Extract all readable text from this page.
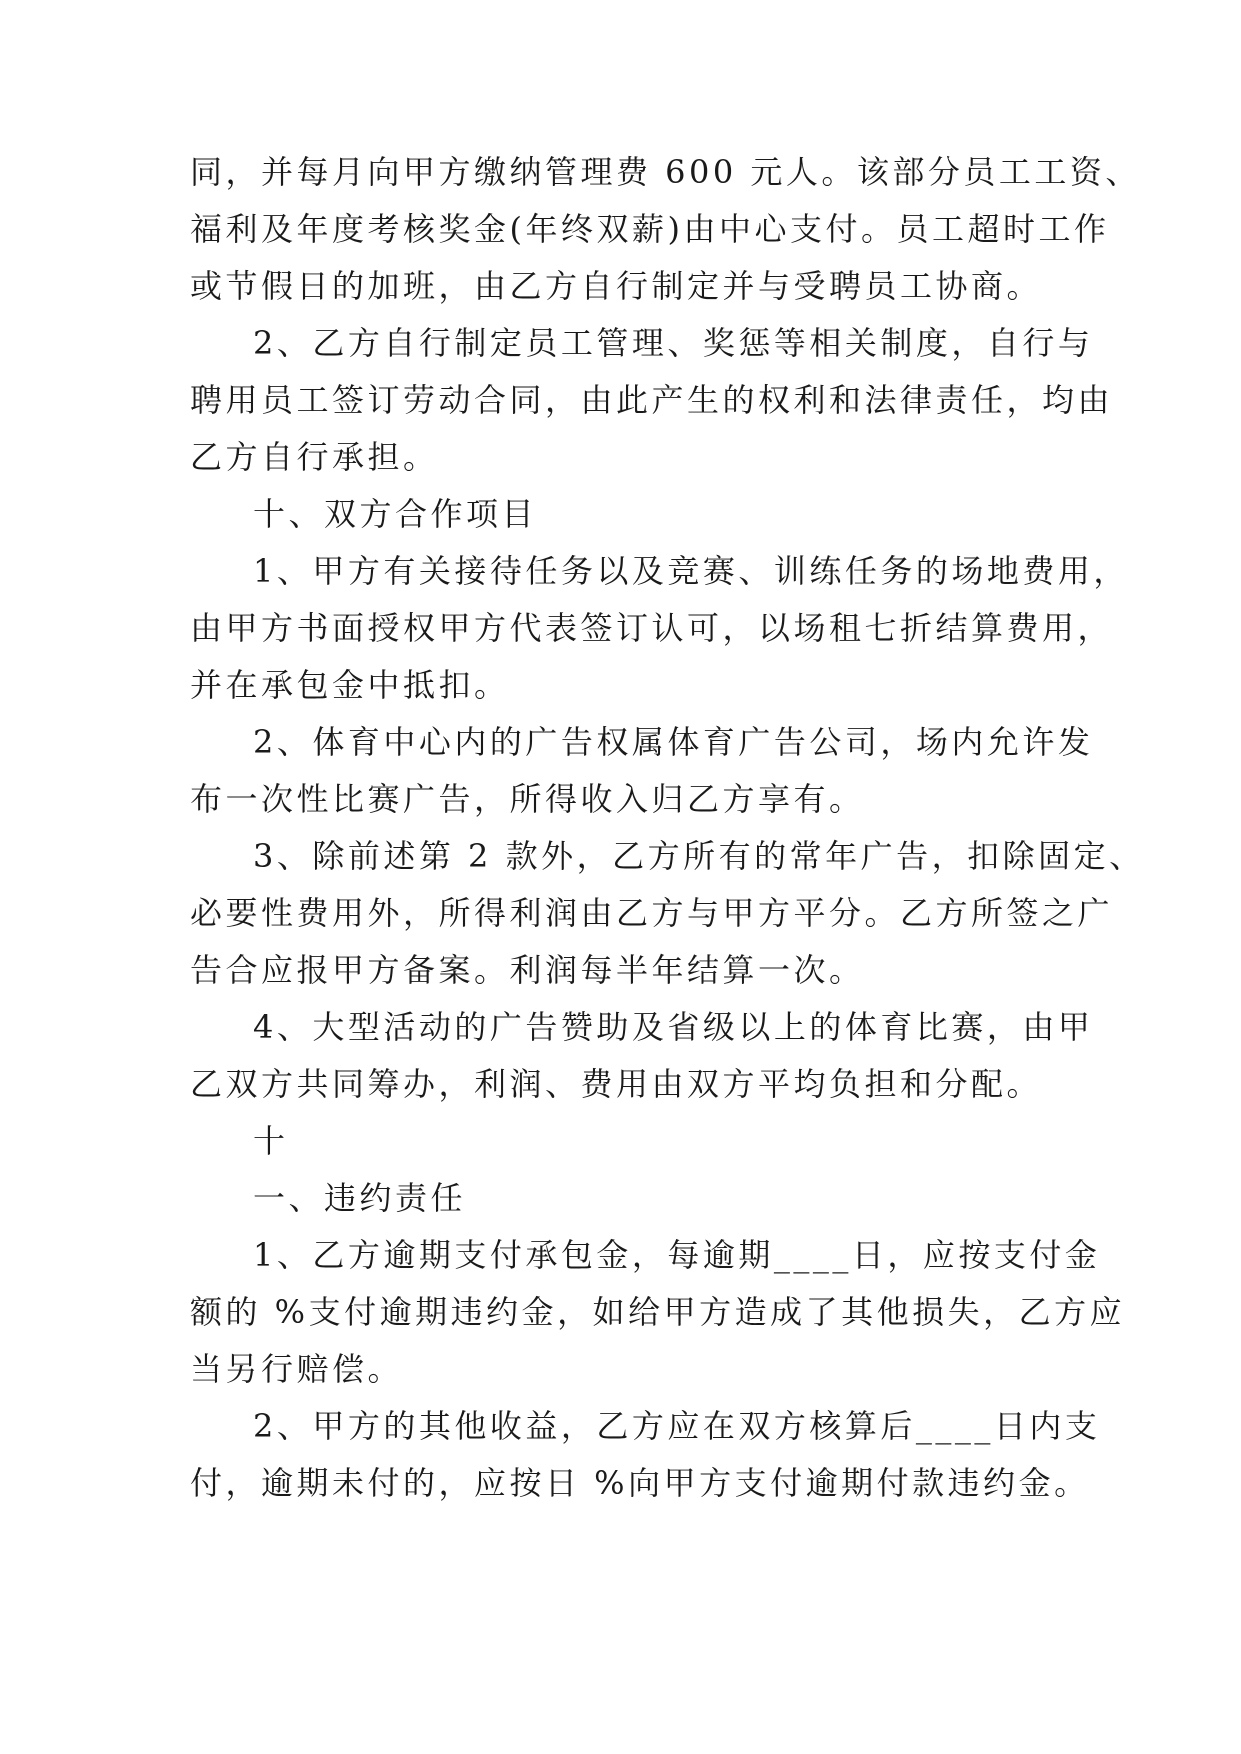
同，并每月向甲方缴纳管理费 600 元人。该部分员工工资、
福利及年度考核奖金(年终双薪)由中心支付。员工超时工作
或节假日的加班，由乙方自行制定并与受聘员工协商。
2、乙方自行制定员工管理、奖惩等相关制度，自行与
聘用员工签订劳动合同，由此产生的权利和法律责任，均由
乙方自行承担。
十、双方合作项目
1、甲方有关接待任务以及竞赛、训练任务的场地费用，
由甲方书面授权甲方代表签订认可，以场租七折结算费用，
并在承包金中抵扣。
2、体育中心内的广告权属体育广告公司，场内允许发
布一次性比赛广告，所得收入归乙方享有。
3、除前述第 2 款外，乙方所有的常年广告，扣除固定、
必要性费用外，所得利润由乙方与甲方平分。乙方所签之广
告合应报甲方备案。利润每半年结算一次。
4、大型活动的广告赞助及省级以上的体育比赛，由甲
乙双方共同筹办，利润、费用由双方平均负担和分配。
十
一、违约责任
1、乙方逾期支付承包金，每逾期____日，应按支付金
额的 %支付逾期违约金，如给甲方造成了其他损失，乙方应
当另行赔偿。
2、甲方的其他收益，乙方应在双方核算后____日内支
付，逾期未付的，应按日 %向甲方支付逾期付款违约金。
